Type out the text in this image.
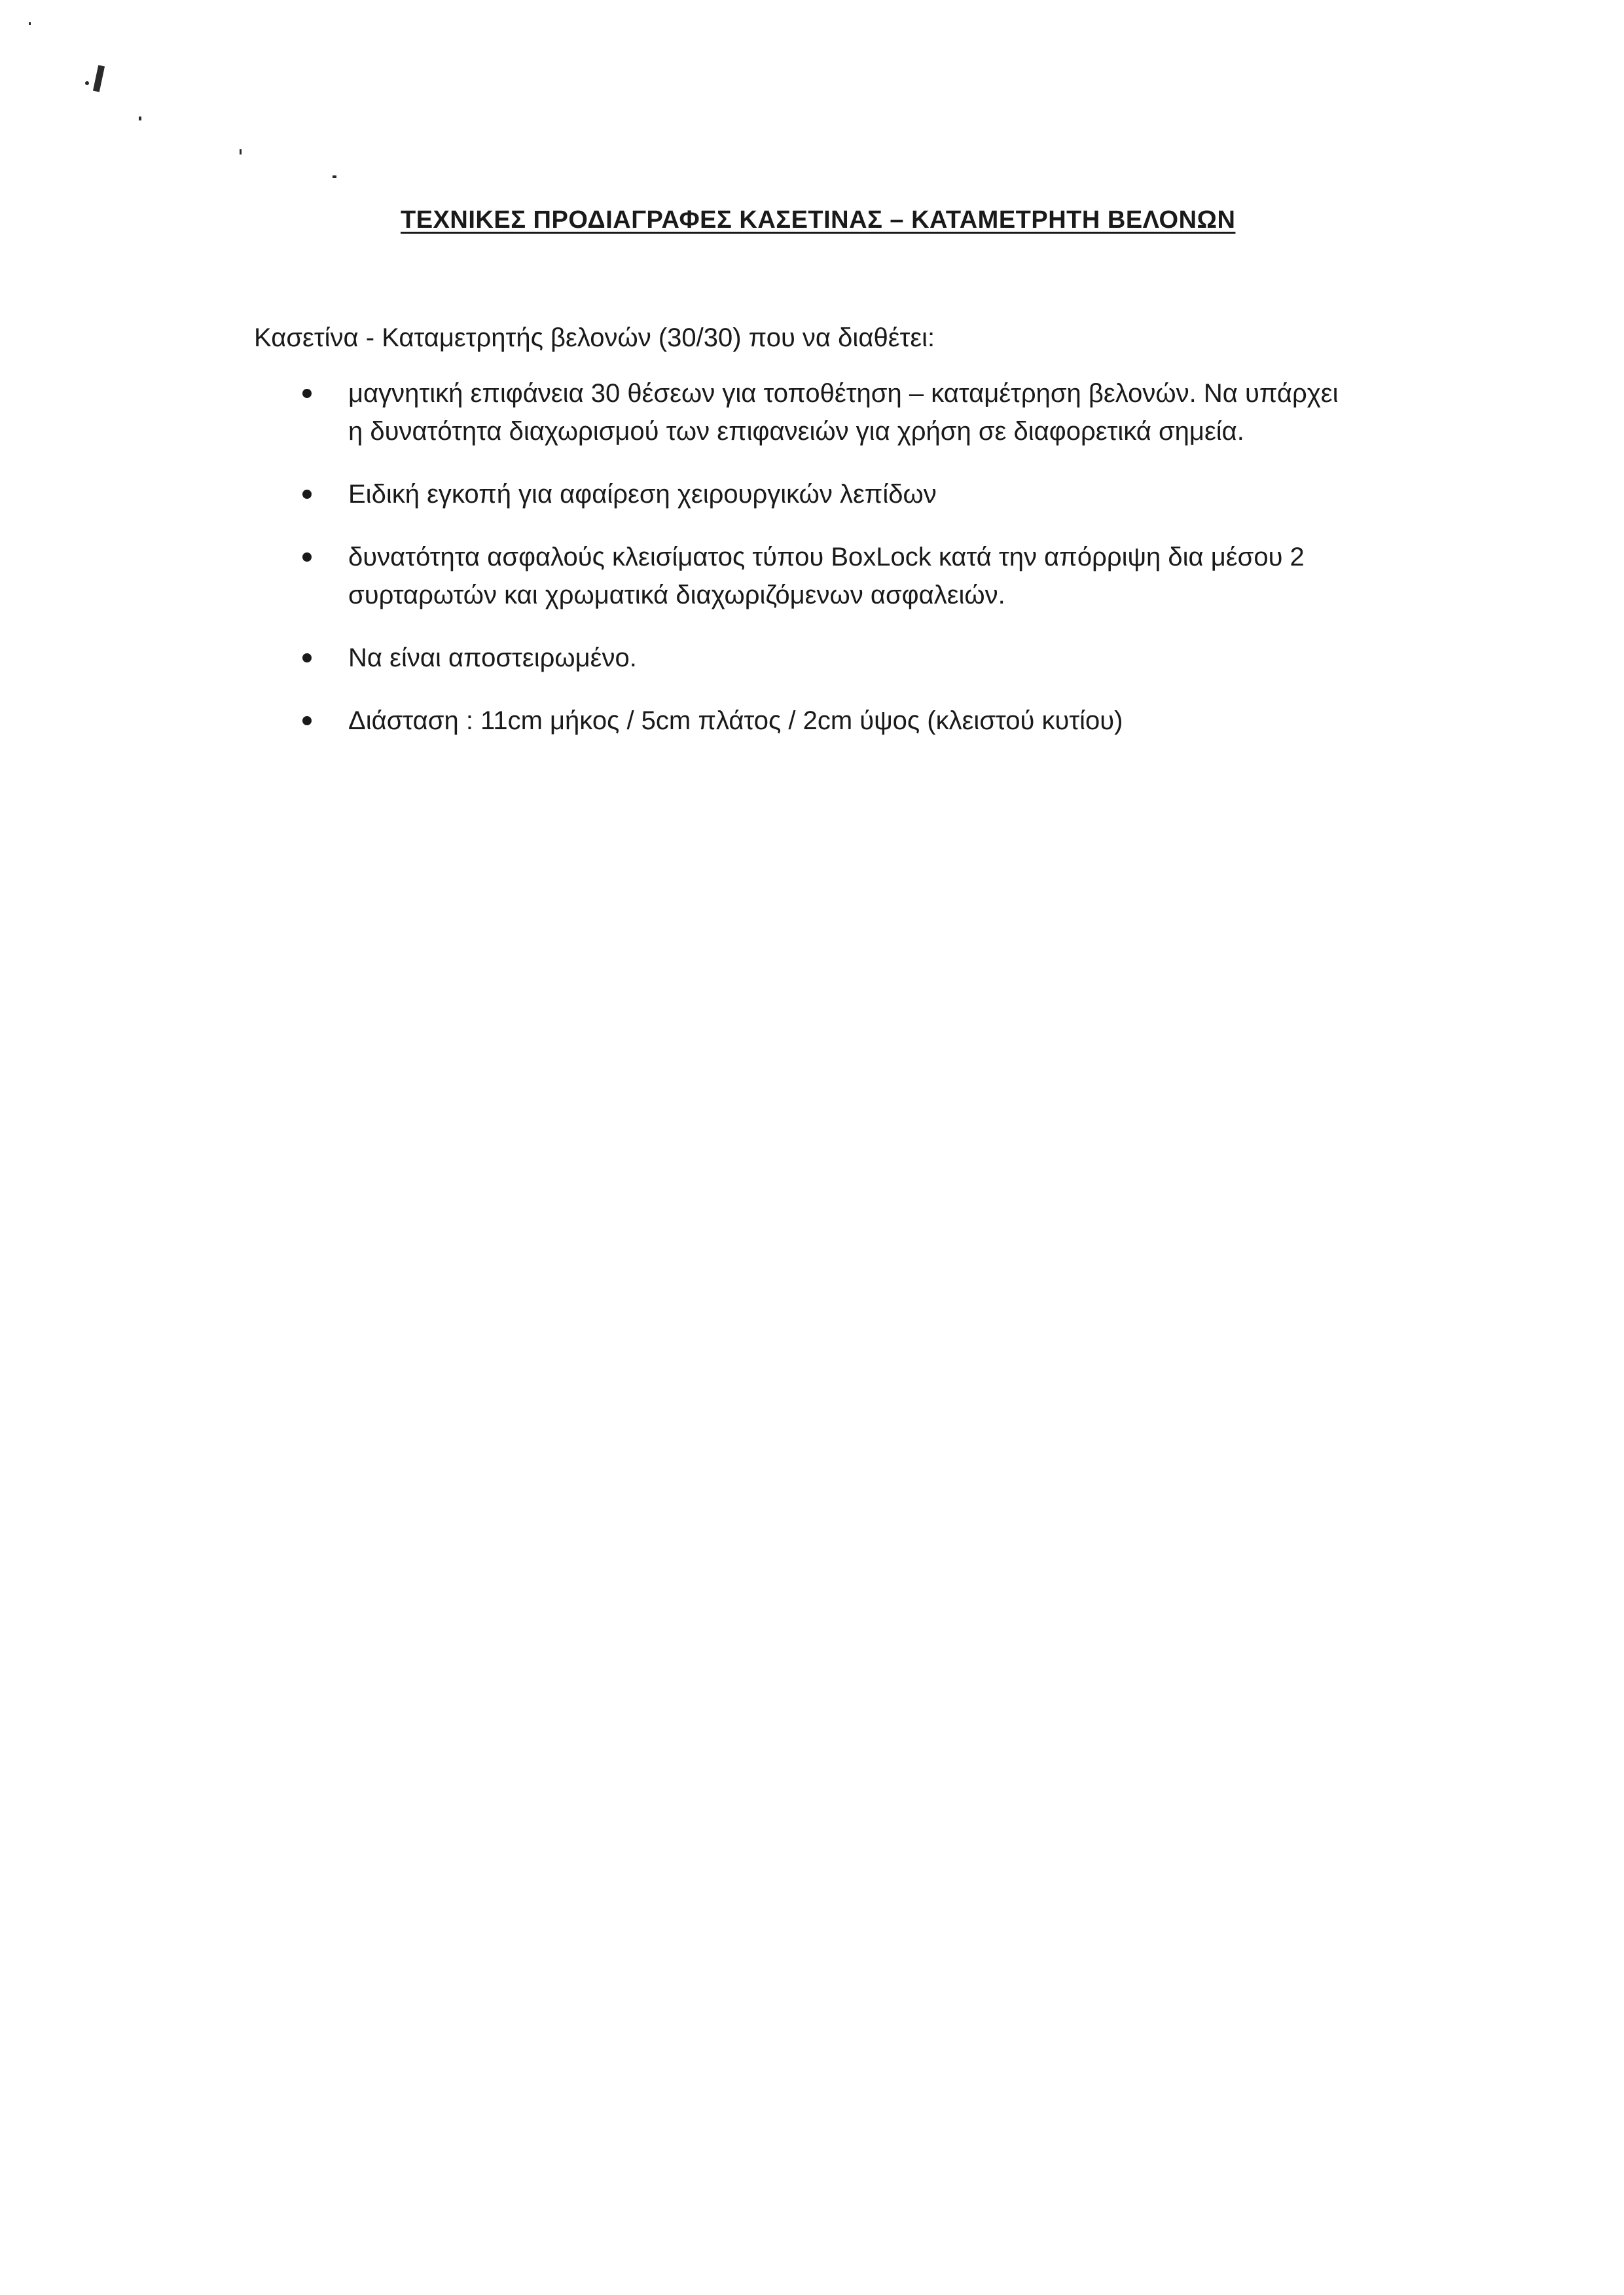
ΤΕΧΝΙΚΕΣ ΠΡΟΔΙΑΓΡΑΦΕΣ ΚΑΣΕΤΙΝΑΣ – ΚΑΤΑΜΕΤΡΗΤΗ ΒΕΛΟΝΩΝ

Κασετίνα - Καταμετρητής βελονών (30/30) που να διαθέτει:

μαγνητική επιφάνεια 30 θέσεων για τοποθέτηση – καταμέτρηση βελονών. Να υπάρχει η δυνατότητα διαχωρισμού των επιφανειών για χρήση σε διαφορετικά σημεία.
Ειδική εγκοπή για αφαίρεση χειρουργικών λεπίδων
δυνατότητα ασφαλούς κλεισίματος τύπου BoxLock κατά την απόρριψη δια μέσου 2 συρταρωτών και χρωματικά διαχωριζόμενων ασφαλειών.
Να είναι αποστειρωμένο.
Διάσταση : 11cm μήκος / 5cm πλάτος / 2cm ύψος (κλειστού κυτίου)
